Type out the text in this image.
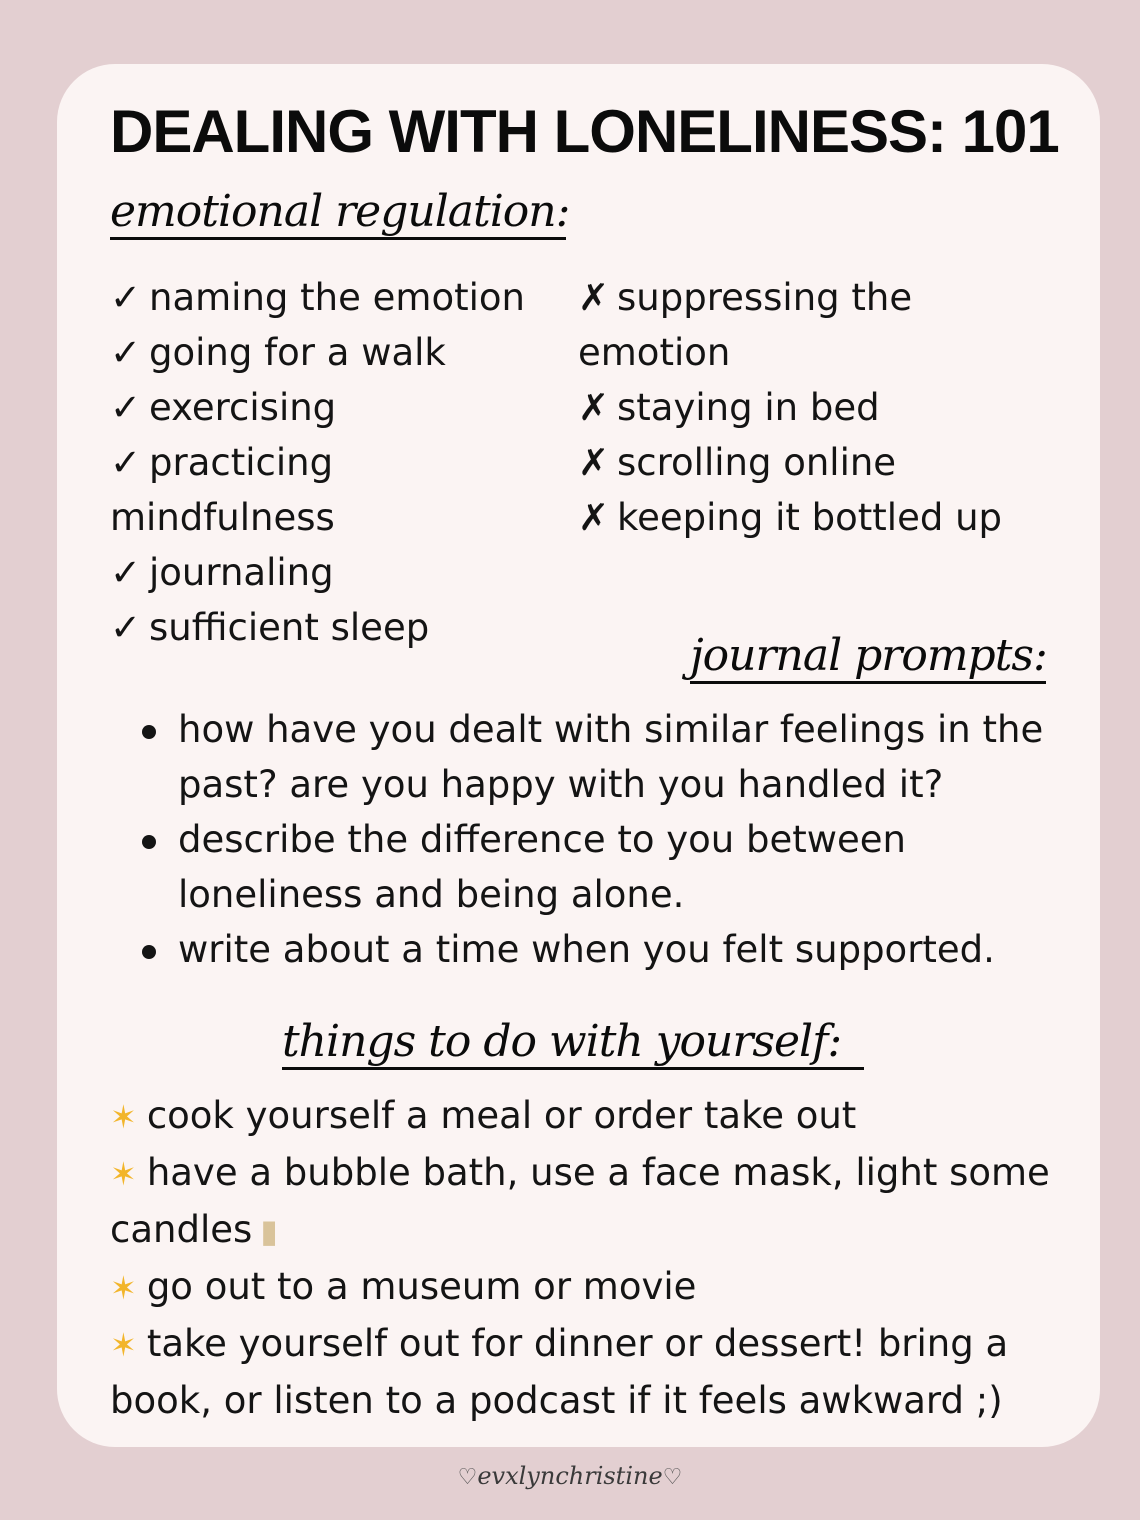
DEALING WITH LONELINESS: 101
emotional regulation:
✓ naming the emotion
✓ going for a walk
✓ exercising
✓ practicing mindfulness
✓ journaling
✓ sufficient sleep
✗ suppressing the emotion
✗ staying in bed
✗ scrolling online
✗ keeping it bottled up
journal prompts:
how have you dealt with similar feelings in the past? are you happy with you handled it?
describe the difference to you between loneliness and being alone.
write about a time when you felt supported.
things to do with yourself:
✶ cook yourself a meal or order take out
✶ have a bubble bath, use a face mask, light some candles ▮
✶ go out to a museum or movie
✶ take yourself out for dinner or dessert! bring a book, or listen to a podcast if it feels awkward ;)
♡evxlynchristine♡
